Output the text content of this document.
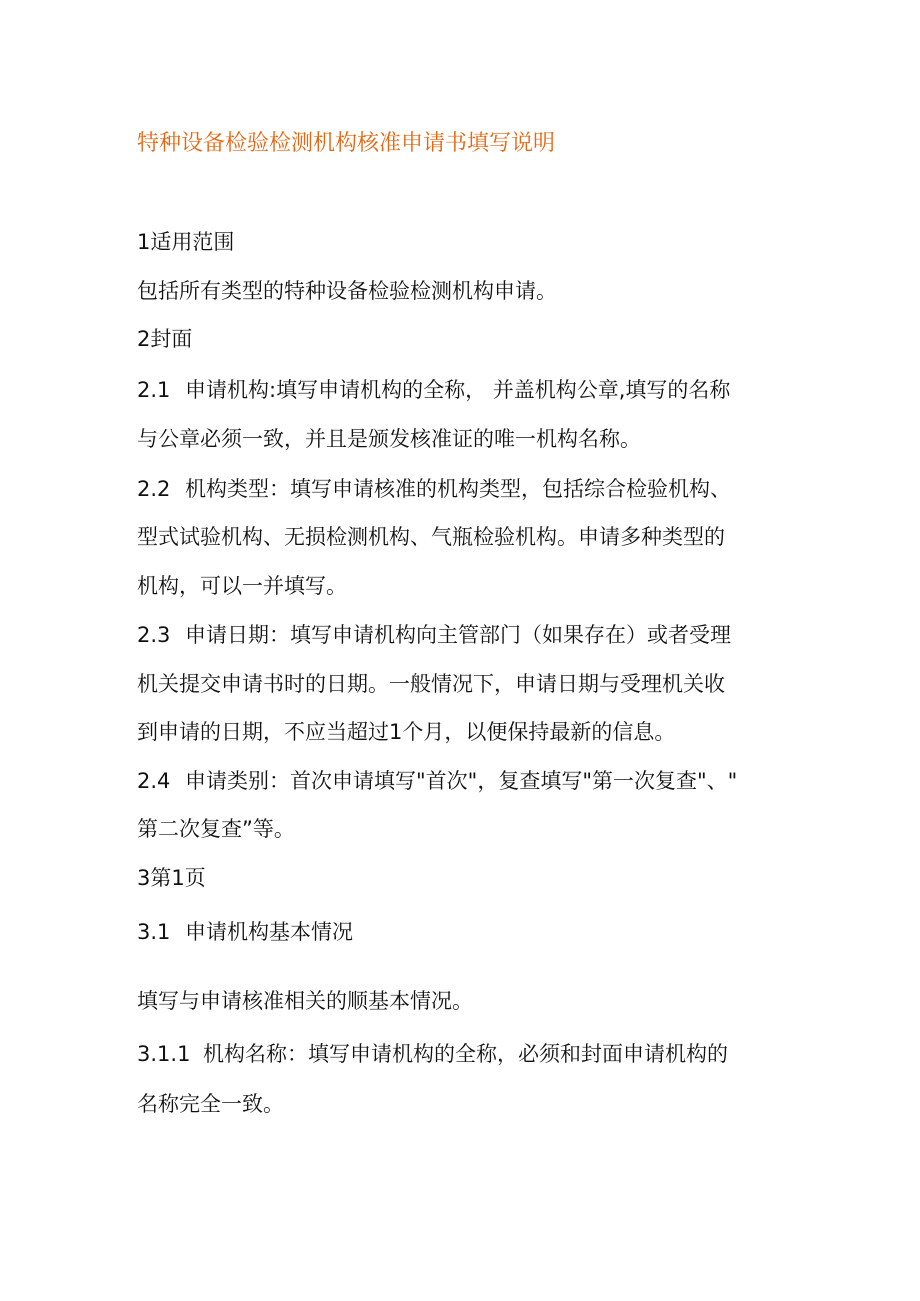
特种设备检验检测机构核准申请书填写说明
1适用范围
包括所有类型的特种设备检验检测机构申请。
2封面
2.1 申请机构:填写申请机构的全称， 并盖机构公章,填写的名称
与公章必须一致，并且是颁发核准证的唯一机构名称。
2.2 机构类型：填写申请核准的机构类型，包括综合检验机构、
型式试验机构、无损检测机构、气瓶检验机构。申请多种类型的
机构，可以一并填写。
2.3 申请日期：填写申请机构向主管部门（如果存在）或者受理
机关提交申请书时的日期。一般情况下，申请日期与受理机关收
到申请的日期，不应当超过1个月，以便保持最新的信息。
2.4 申请类别：首次申请填写"首次"，复查填写"第一次复查"、"
第二次复查”等。
3第1页
3.1 申请机构基本情况
填写与申请核准相关的顺基本情况。
3.1.1 机构名称：填写申请机构的全称，必须和封面申请机构的
名称完全一致。
